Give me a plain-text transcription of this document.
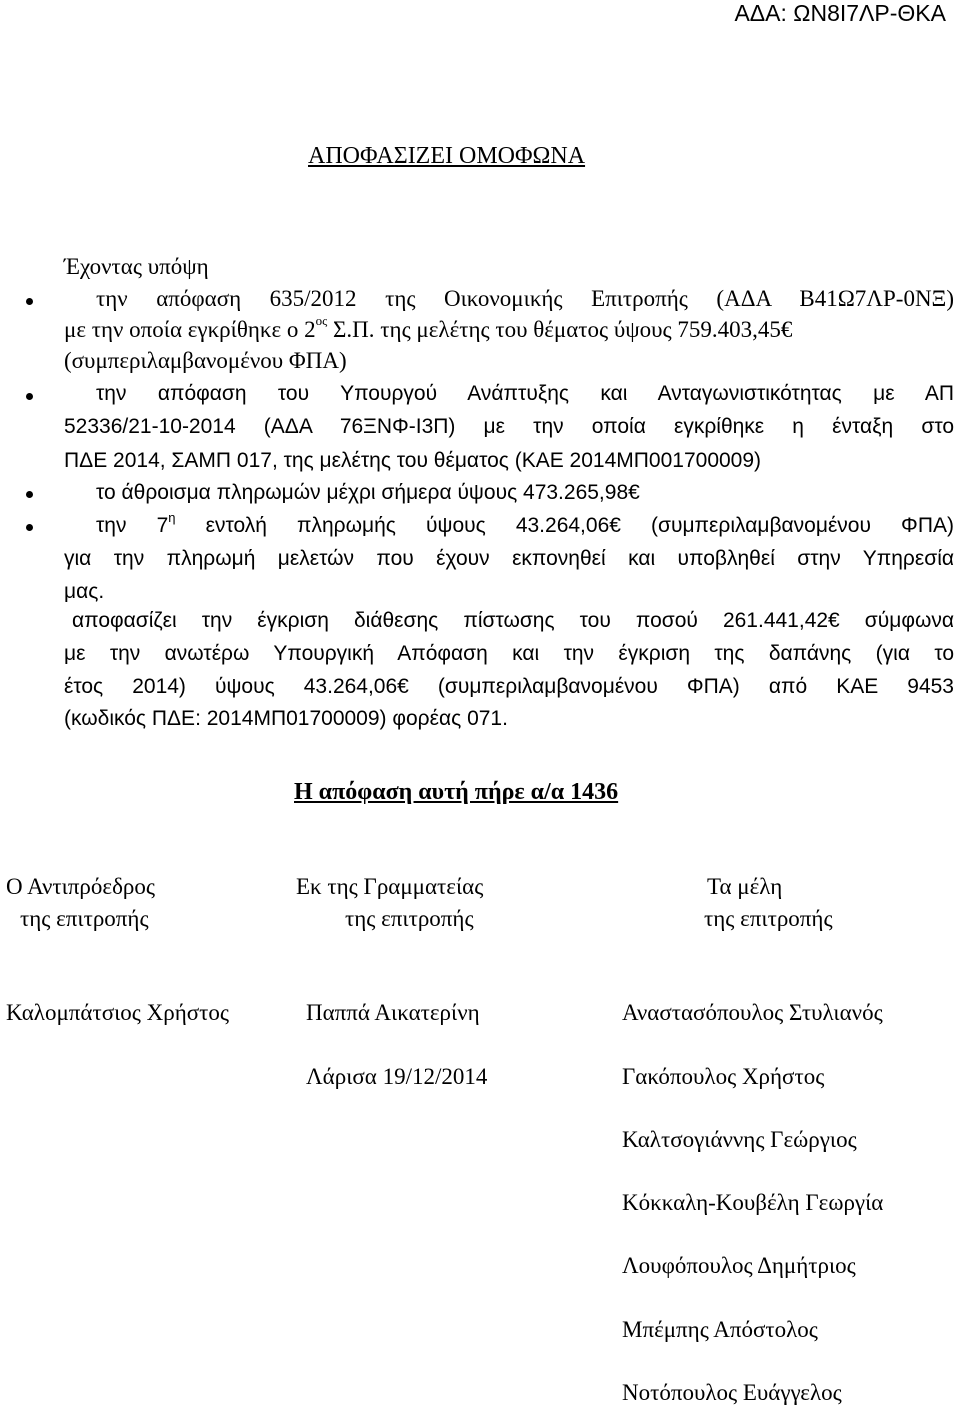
ΑΔΑ: ΩΝ8Ι7ΛΡ-ΘΚΑ
ΑΠΟΦΑΣΙΖΕΙ ΟΜΟΦΩΝΑ
Έχοντας υπόψη
την απόφαση 635/2012 της Οικονομικής Επιτροπής (ΑΔΑ Β41Ω7ΛΡ-0ΝΞ)
με την οποία εγκρίθηκε ο $2^{o\varsigma}$ Σ.Π. της μελέτης του θέματος ύψους 759.403,45€
(συμπεριλαμβανομένου ΦΠΑ)
την απόφαση του Υπουργού Ανάπτυξης και Ανταγωνιστικότητας με ΑΠ
52336/21-10-2014 (ΑΔΑ 76ΞΝΦ-Ι3Π) με την οποία εγκρίθηκε η ένταξη στο
ΠΔΕ 2014, ΣΑΜΠ 017, της μελέτης του θέματος (ΚΑΕ 2014ΜΠ001700009)
το άθροισμα πληρωμών μέχρι σήμερα ύψους 473.265,98€
την $7^\eta$ εντολή πληρωμής ύψους 43.264,06€ (συμπεριλαμβανομένου ΦΠΑ)
για την πληρωμή μελετών που έχουν εκπονηθεί και υποβληθεί στην Υπηρεσία
μας.
αποφασίζει την έγκριση διάθεσης πίστωσης του ποσού 261.441,42€ σύμφωνα
με την ανωτέρω Υπουργική Απόφαση και την έγκριση της δαπάνης (για το
έτος 2014) ύψους 43.264,06€ (συμπεριλαμβανομένου ΦΠΑ) από ΚΑΕ 9453
(κωδικός ΠΔΕ: 2014ΜΠ01700009) φορέας 071.
Η απόφαση αυτή πήρε α/α 1436
Ο Αντιπρόεδρος
της επιτροπής
Εκ της Γραμματείας
της επιτροπής
Τα μέλη
της επιτροπής
Καλομπάτσιος Χρήστος	Παππά Αικατερίνη
Λάρισα 19/12/2014
Αναστασόπουλος Στυλιανός
Γακόπουλος Χρήστος
Καλτσογιάννης Γεώργιος
Κόκκαλη-Κουβέλη Γεωργία
Λουφόπουλος Δημήτριος
Μπέμπης Απόστολος
Νοτόπουλος Ευάγγελος
